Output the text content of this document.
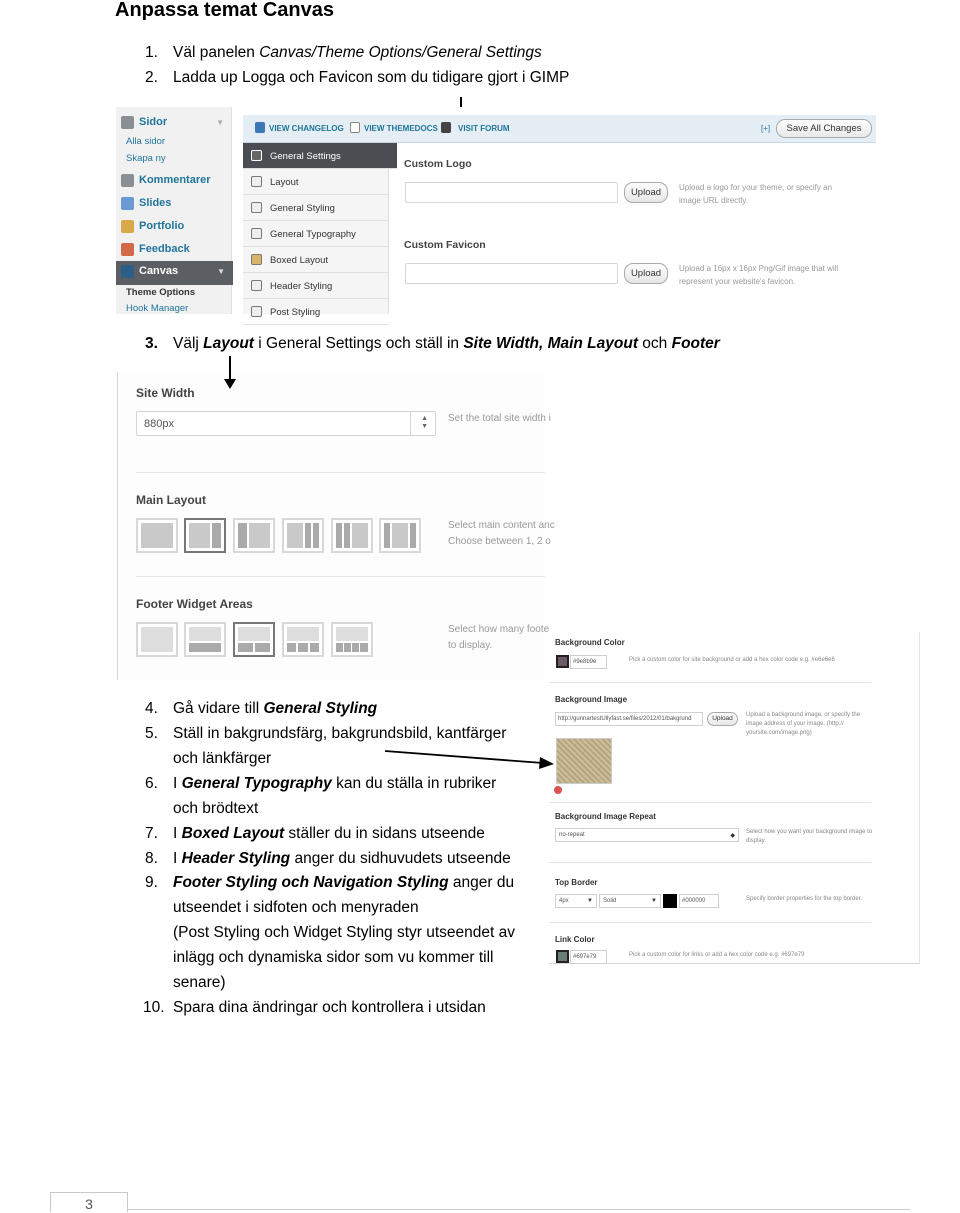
Anpassa temat Canvas
1. Väl panelen Canvas/Theme Options/General Settings
2. Ladda up Logga och Favicon som du tidigare gjort i GIMP
Sidor	▼
Alla sidor
Skapa ny
Kommentarer
Slides
Portfolio
Feedback
Canvas	▼
Theme Options
Hook Manager
VIEW CHANGELOG	VIEW THEMEDOCS	VISIT FORUM	[+]	Save All Changes
General Settings
Layout
General Styling
General Typography
Boxed Layout
Header Styling
Post Styling
Custom Logo
Upload	Upload a logo for your theme, or specify an
image URL directly.
Custom Favicon
Upload	Upload a 16px x 16px Png/Gif image that will
represent your website's favicon.
3. Välj Layout i General Settings och ställ in Site Width, Main Layout och Footer
Site Width
880px	▲
▼
Set the total site width i
Main Layout
Select main content anc
Choose between 1, 2 o
Footer Widget Areas
Select how many foote
to display.	Background Color
#9e8b9e	Pick a custom color for site background or add a hex color code e.g. #e6e6e6
Background Image
http://gunnartestUllyfast.se/files/2012/01/bakgrund	Upload	Upload a background image, or specify the
image address of your image. (http://
yoursite.com/image.png)
Background Image Repeat
no-repeat	◆
Select how you want your background image to
display.
Top Border
4px	▼	Solid	▼	#000000	Specify border properties for the top border.
Link Color
#697e79	Pick a custom color for links or add a hex color code e.g. #697e79
4. Gå vidare till General Styling
5. Ställ in bakgrundsfärg, bakgrundsbild, kantfärger
och länkfärger
6. I General Typography kan du ställa in rubriker
och brödtext
7. I Boxed Layout ställer du in sidans utseende
8. I Header Styling anger du sidhuvudets utseende
9. Footer Styling och Navigation Styling anger du
utseendet i sidfoten och menyraden
(Post Styling och Widget Styling styr utseendet av
inlägg och dynamiska sidor som vu kommer till
senare)
10. Spara dina ändringar och kontrollera i utsidan
3
